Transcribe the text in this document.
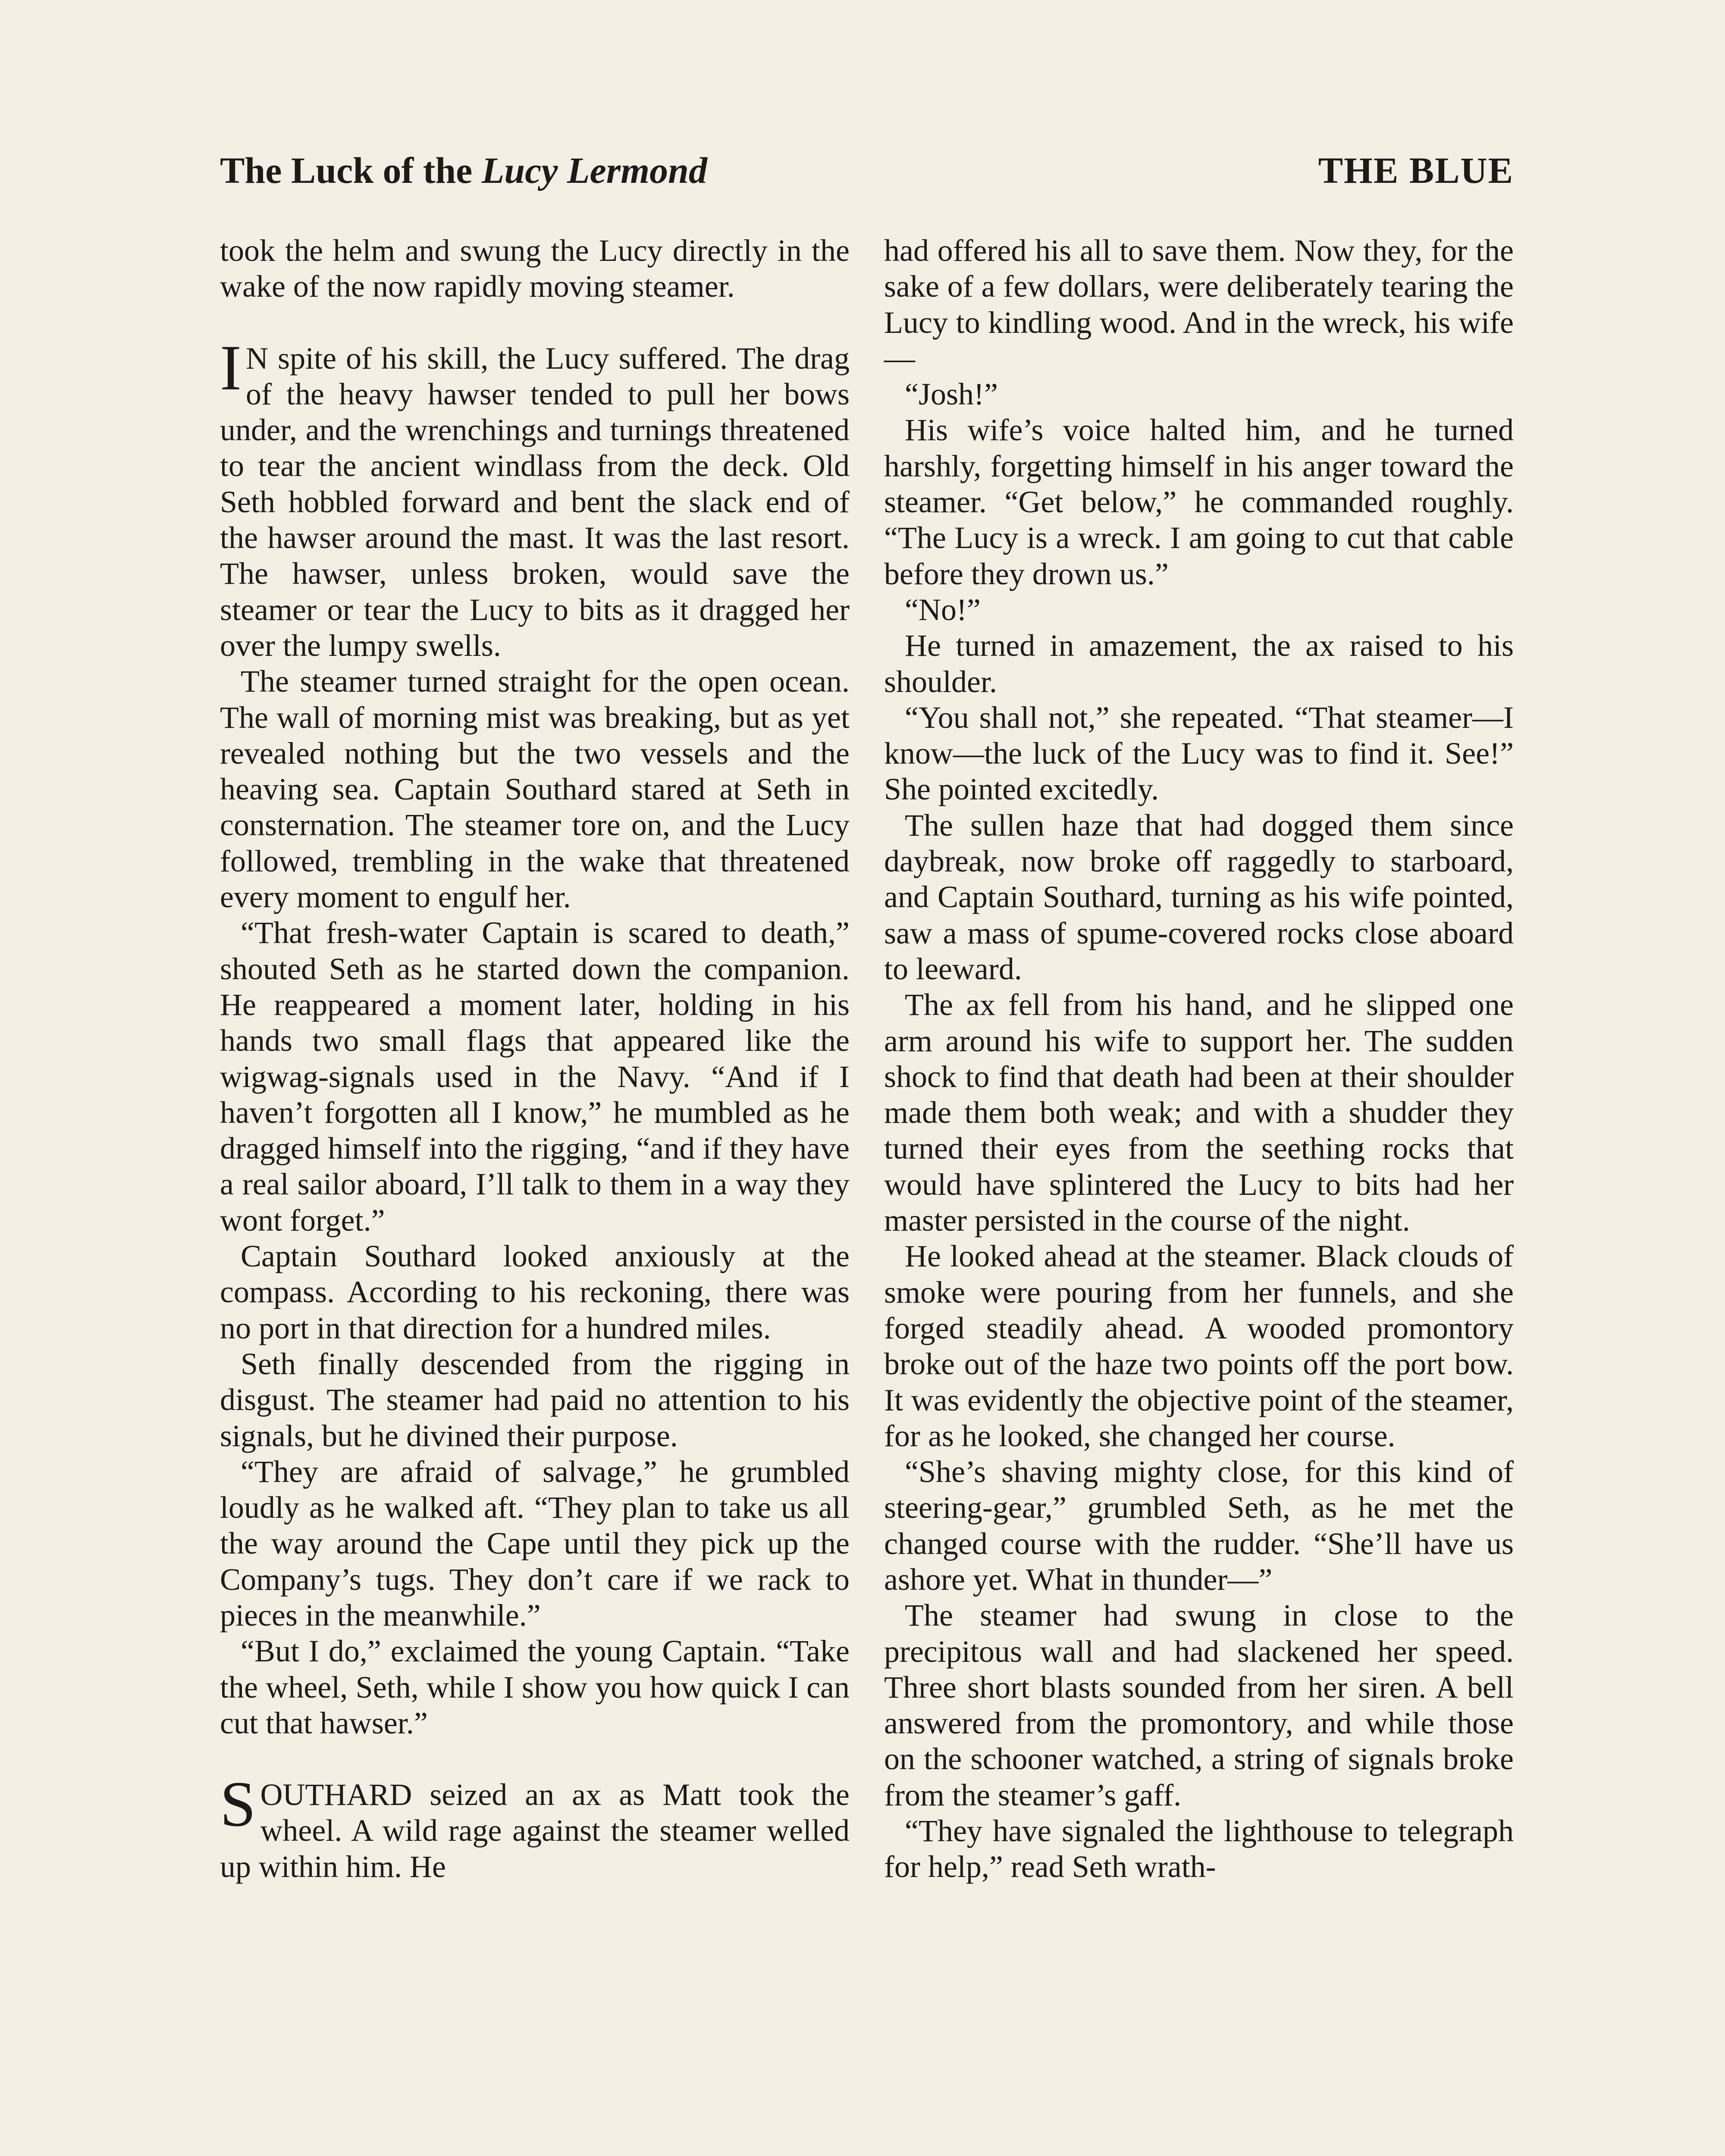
The Luck of the Lucy Lermond	THE BLUE

took the helm and swung the Lucy directly in the wake of the now rapidly moving steamer.

I N spite of his skill, the Lucy suffered. The drag of the heavy hawser tended to pull her bows under, and the wrenchings and turnings threatened to tear the ancient windlass from the deck. Old Seth hobbled forward and bent the slack end of the hawser around the mast. It was the last resort. The hawser, unless broken, would save the steamer or tear the Lucy to bits as it dragged her over the lumpy swells.

The steamer turned straight for the open ocean. The wall of morning mist was breaking, but as yet revealed nothing but the two vessels and the heaving sea. Captain Southard stared at Seth in consternation. The steamer tore on, and the Lucy followed, trembling in the wake that threatened every moment to engulf her.

“That fresh-water Captain is scared to death,” shouted Seth as he started down the companion. He reappeared a moment later, holding in his hands two small flags that appeared like the wigwag-signals used in the Navy. “And if I haven’t forgotten all I know,” he mumbled as he dragged himself into the rigging, “and if they have a real sailor aboard, I’ll talk to them in a way they wont forget.”

Captain Southard looked anxiously at the compass. According to his reckoning, there was no port in that direction for a hundred miles.

Seth finally descended from the rigging in disgust. The steamer had paid no attention to his signals, but he divined their purpose.

“They are afraid of salvage,” he grumbled loudly as he walked aft. “They plan to take us all the way around the Cape until they pick up the Company’s tugs. They don’t care if we rack to pieces in the meanwhile.”

“But I do,” exclaimed the young Captain. “Take the wheel, Seth, while I show you how quick I can cut that hawser.”

SOUTHARD seized an ax as Matt took the wheel. A wild rage against the steamer welled up within him. He

had offered his all to save them. Now they, for the sake of a few dollars, were deliberately tearing the Lucy to kindling wood. And in the wreck, his wife—

“Josh!”

His wife’s voice halted him, and he turned harshly, forgetting himself in his anger toward the steamer. “Get below,” he commanded roughly. “The Lucy is a wreck. I am going to cut that cable before they drown us.”

“No!”

He turned in amazement, the ax raised to his shoulder.

“You shall not,” she repeated. “That steamer—I know—the luck of the Lucy was to find it. See!” She pointed excitedly.

The sullen haze that had dogged them since daybreak, now broke off raggedly to starboard, and Captain Southard, turning as his wife pointed, saw a mass of spume-covered rocks close aboard to leeward.

The ax fell from his hand, and he slipped one arm around his wife to support her. The sudden shock to find that death had been at their shoulder made them both weak; and with a shudder they turned their eyes from the seething rocks that would have splintered the Lucy to bits had her master persisted in the course of the night.

He looked ahead at the steamer. Black clouds of smoke were pouring from her funnels, and she forged steadily ahead. A wooded promontory broke out of the haze two points off the port bow. It was evidently the objective point of the steamer, for as he looked, she changed her course.

“She’s shaving mighty close, for this kind of steering-gear,” grumbled Seth, as he met the changed course with the rudder. “She’ll have us ashore yet. What in thunder—”

The steamer had swung in close to the precipitous wall and had slackened her speed. Three short blasts sounded from her siren. A bell answered from the promontory, and while those on the schooner watched, a string of signals broke from the steamer’s gaff.

“They have signaled the lighthouse to telegraph for help,” read Seth wrath-
